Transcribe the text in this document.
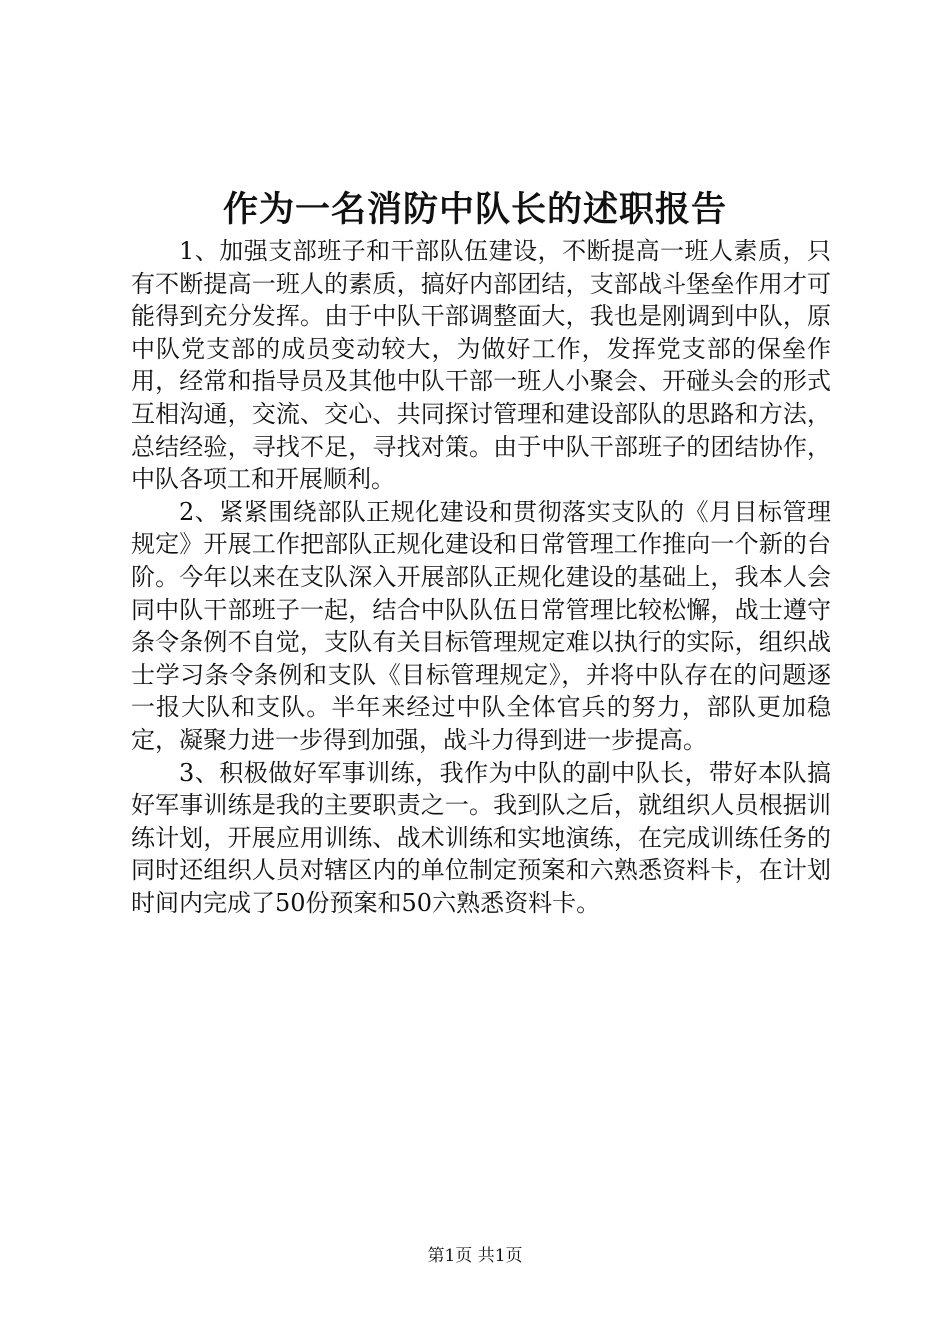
作为一名消防中队长的述职报告

1、加强支部班子和干部队伍建设，不断提高一班人素质，只有不断提高一班人的素质，搞好内部团结，支部战斗堡垒作用才可能得到充分发挥。由于中队干部调整面大，我也是刚调到中队，原中队党支部的成员变动较大，为做好工作，发挥党支部的保垒作用，经常和指导员及其他中队干部一班人小聚会、开碰头会的形式互相沟通，交流、交心、共同探讨管理和建设部队的思路和方法，总结经验，寻找不足，寻找对策。由于中队干部班子的团结协作，中队各项工和开展顺利。

2、紧紧围绕部队正规化建设和贯彻落实支队的《月目标管理规定》开展工作把部队正规化建设和日常管理工作推向一个新的台阶。今年以来在支队深入开展部队正规化建设的基础上，我本人会同中队干部班子一起，结合中队队伍日常管理比较松懈，战士遵守条令条例不自觉，支队有关目标管理规定难以执行的实际，组织战士学习条令条例和支队《目标管理规定》，并将中队存在的问题逐一报大队和支队。半年来经过中队全体官兵的努力，部队更加稳定，凝聚力进一步得到加强，战斗力得到进一步提高。

3、积极做好军事训练，我作为中队的副中队长，带好本队搞好军事训练是我的主要职责之一。我到队之后，就组织人员根据训练计划，开展应用训练、战术训练和实地演练，在完成训练任务的同时还组织人员对辖区内的单位制定预案和六熟悉资料卡，在计划时间内完成了50份预案和50六熟悉资料卡。

第1页 共1页
